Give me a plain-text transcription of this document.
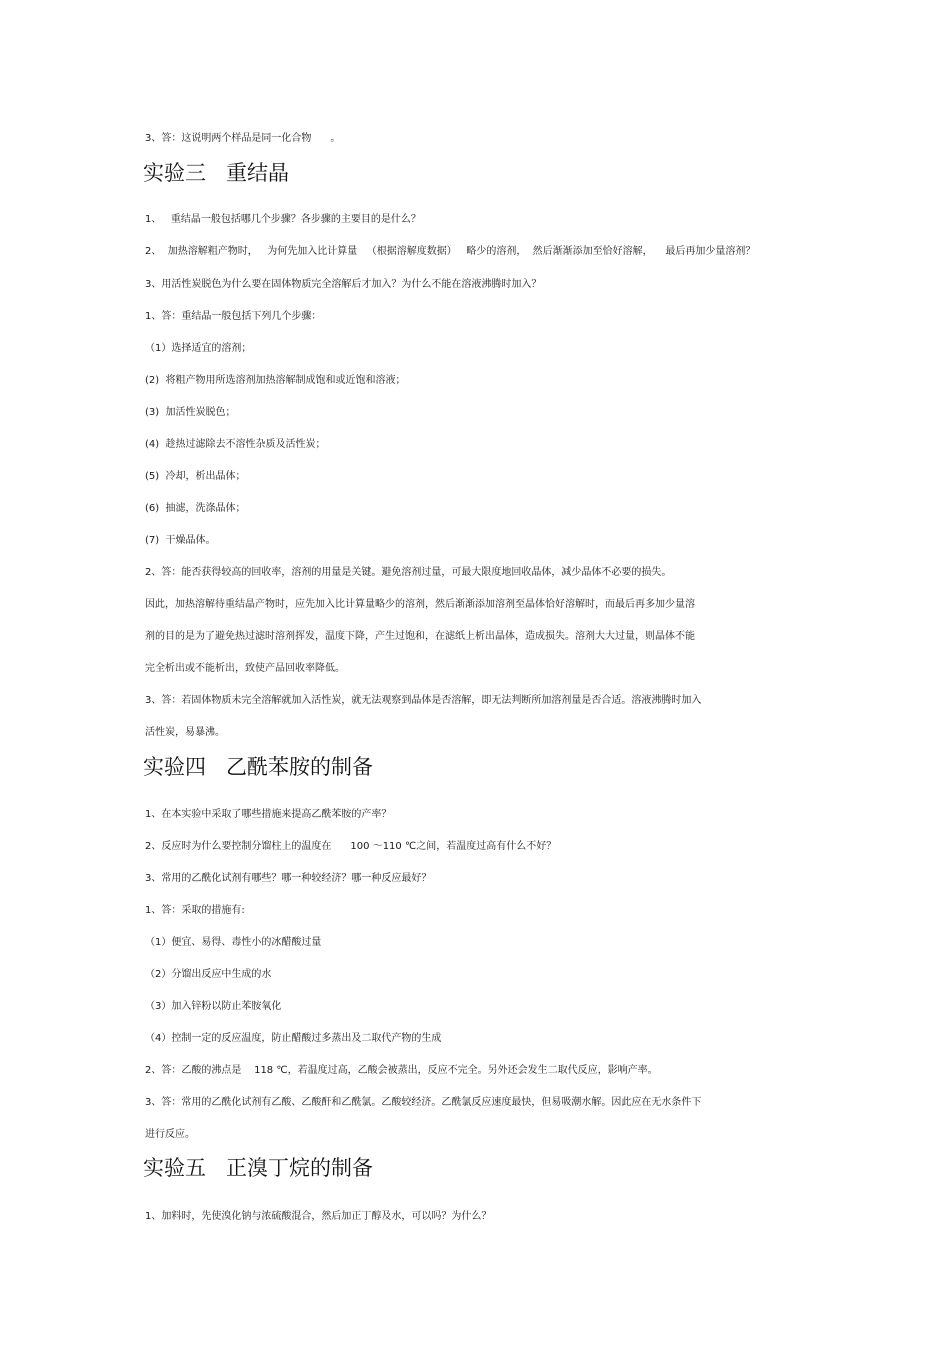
3、答：这说明两个样品是同一化合物      。
实验三   重结晶
1、   重结晶一般包括哪几个步骤？各步骤的主要目的是什么？
2、  加热溶解粗产物时，   为何先加入比计算量   （根据溶解度数据）   略少的溶剂，  然后渐渐添加至恰好溶解，    最后再加少量溶剂？
3、用活性炭脱色为什么要在固体物质完全溶解后才加入？为什么不能在溶液沸腾时加入？
1、答：重结晶一般包括下列几个步骤：
（1）选择适宜的溶剂；
(2)  将粗产物用所选溶剂加热溶解制成饱和或近饱和溶液；
(3)  加活性炭脱色；
(4)  趁热过滤除去不溶性杂质及活性炭；
(5)  冷却，析出晶体；
(6)  抽滤，洗涤晶体；
(7)  干燥晶体。
2、答：能否获得较高的回收率，溶剂的用量是关键。避免溶剂过量，可最大限度地回收晶体，减少晶体不必要的损失。
因此，加热溶解待重结晶产物时，应先加入比计算量略少的溶剂，然后渐渐添加溶剂至晶体恰好溶解时，而最后再多加少量溶
剂的目的是为了避免热过滤时溶剂挥发，温度下降，产生过饱和，在滤纸上析出晶体，造成损失。溶剂大大过量，则晶体不能
完全析出或不能析出，致使产品回收率降低。
3、答：若固体物质未完全溶解就加入活性炭，就无法观察到晶体是否溶解，即无法判断所加溶剂量是否合适。溶液沸腾时加入
活性炭，易暴沸。
实验四   乙酰苯胺的制备
1、在本实验中采取了哪些措施来提高乙酰苯胺的产率？
2、反应时为什么要控制分馏柱上的温度在      100 ～110 ℃之间，若温度过高有什么不好？
3、常用的乙酰化试剂有哪些？哪一种较经济？哪一种反应最好？
1、答：采取的措施有:
（1）便宜、易得、毒性小的冰醋酸过量
（2）分馏出反应中生成的水
（3）加入锌粉以防止苯胺氧化
（4）控制一定的反应温度，防止醋酸过多蒸出及二取代产物的生成
2、答：乙酸的沸点是    118 ℃，若温度过高，乙酸会被蒸出，反应不完全。另外还会发生二取代反应，影响产率。
3、答：常用的乙酰化试剂有乙酸、乙酸酐和乙酰氯。乙酸较经济。乙酰氯反应速度最快，但易吸潮水解。因此应在无水条件下
进行反应。
实验五   正溴丁烷的制备
1、加料时，先使溴化钠与浓硫酸混合，然后加正丁醇及水，可以吗？为什么？
